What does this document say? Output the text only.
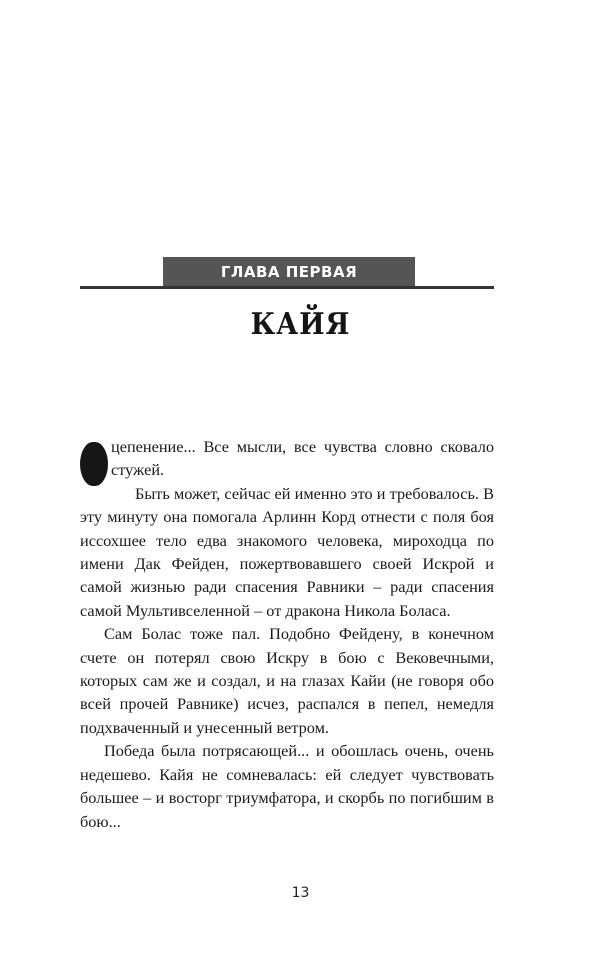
ГЛАВА ПЕРВАЯ
КАЙЯ

цепенение... Все мысли, все чувства словно сковало стужей.

Быть может, сейчас ей именно это и требовалось. В эту минуту она помогала Арлинн Корд отнести с поля боя иссохшее тело едва знакомого человека, мироходца по имени Дак Фейден, пожертвовавшего своей Искрой и самой жизнью ради спасения Равники – ради спасения самой Мультивселенной – от дракона Никола Боласа.

Сам Болас тоже пал. Подобно Фейдену, в конечном счете он потерял свою Искру в бою с Вековечными, которых сам же и создал, и на глазах Кайи (не говоря обо всей прочей Равнике) исчез, распался в пепел, немедля подхваченный и унесенный ветром.

Победа была потрясающей... и обошлась очень, очень недешево. Кайя не сомневалась: ей следует чувствовать большее – и восторг триумфатора, и скорбь по погибшим в бою...

13
